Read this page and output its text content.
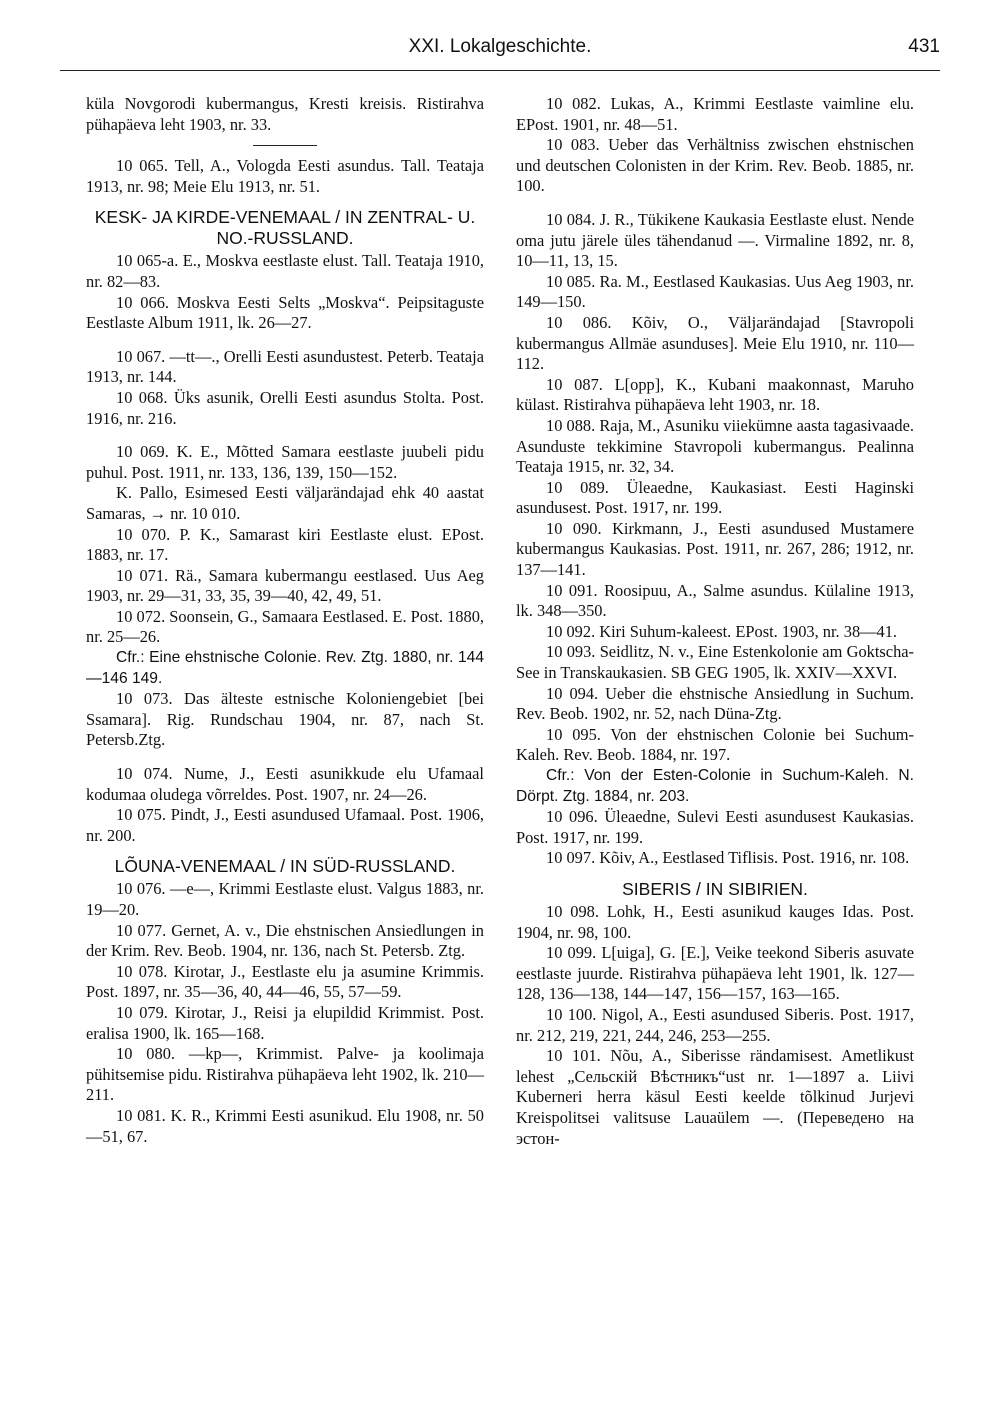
XXI. Lokalgeschichte.	431

küla Novgorodi kubermangus, Kresti kreisis. Ristirahva pühapäeva leht 1903, nr. 33.

10 065. Tell, A., Vologda Eesti asundus. Tall. Teataja 1913, nr. 98; Meie Elu 1913, nr. 51.

KESK- JA KIRDE-VENEMAAL / IN ZENTRAL- U. NO.-RUSSLAND.

10 065-a. E., Moskva eestlaste elust. Tall. Teataja 1910, nr. 82—83.

10 066. Moskva Eesti Selts „Moskva“. Peipsitaguste Eestlaste Album 1911, lk. 26—27.

10 067. —tt—., Orelli Eesti asundustest. Peterb. Teataja 1913, nr. 144.

10 068. Üks asunik, Orelli Eesti asundus Stolta. Post. 1916, nr. 216.

10 069. K. E., Mõtted Samara eestlaste juubeli pidu puhul. Post. 1911, nr. 133, 136, 139, 150—152.

K. Pallo, Esimesed Eesti väljarändajad ehk 40 aastat Samaras, → nr. 10 010.

10 070. P. K., Samarast kiri Eestlaste elust. EPost. 1883, nr. 17.

10 071. Rä., Samara kubermangu eestlased. Uus Aeg 1903, nr. 29—31, 33, 35, 39—40, 42, 49, 51.

10 072. Soonsein, G., Samaara Eestlased. E. Post. 1880, nr. 25—26.

Cfr.: Eine ehstnische Colonie. Rev. Ztg. 1880, nr. 144—146 149.

10 073. Das älteste estnische Koloniengebiet [bei Ssamara]. Rig. Rundschau 1904, nr. 87, nach St. Petersb.Ztg.

10 074. Nume, J., Eesti asunikkude elu Ufamaal kodumaa oludega võrreldes. Post. 1907, nr. 24—26.

10 075. Pindt, J., Eesti asundused Ufamaal. Post. 1906, nr. 200.

LÕUNA-VENEMAAL / IN SÜD-RUSSLAND.

10 076. —e—, Krimmi Eestlaste elust. Valgus 1883, nr. 19—20.

10 077. Gernet, A. v., Die ehstnischen Ansiedlungen in der Krim. Rev. Beob. 1904, nr. 136, nach St. Petersb. Ztg.

10 078. Kirotar, J., Eestlaste elu ja asumine Krimmis. Post. 1897, nr. 35—36, 40, 44—46, 55, 57—59.

10 079. Kirotar, J., Reisi ja elupildid Krimmist. Post. eralisa 1900, lk. 165—168.

10 080. —kp—, Krimmist. Palve- ja koolimaja pühitsemise pidu. Ristirahva pühapäeva leht 1902, lk. 210—211.

10 081. K. R., Krimmi Eesti asunikud. Elu 1908, nr. 50—51, 67.

10 082. Lukas, A., Krimmi Eestlaste vaimline elu. EPost. 1901, nr. 48—51.

10 083. Ueber das Verhältniss zwischen ehstnischen und deutschen Colonisten in der Krim. Rev. Beob. 1885, nr. 100.

10 084. J. R., Tükikene Kaukasia Eestlaste elust. Nende oma jutu järele üles tähendanud —. Virmaline 1892, nr. 8, 10—11, 13, 15.

10 085. Ra. M., Eestlased Kaukasias. Uus Aeg 1903, nr. 149—150.

10 086. Kõiv, O., Väljarändajad [Stavropoli kubermangus Allmäe asunduses]. Meie Elu 1910, nr. 110—112.

10 087. L[opp], K., Kubani maakonnast, Maruho külast. Ristirahva pühapäeva leht 1903, nr. 18.

10 088. Raja, M., Asuniku viiekümne aasta tagasivaade. Asunduste tekkimine Stavropoli kubermangus. Pealinna Teataja 1915, nr. 32, 34.

10 089. Üleaedne, Kaukasiast. Eesti Haginski asundusest. Post. 1917, nr. 199.

10 090. Kirkmann, J., Eesti asundused Mustamere kubermangus Kaukasias. Post. 1911, nr. 267, 286; 1912, nr. 137—141.

10 091. Roosipuu, A., Salme asundus. Külaline 1913, lk. 348—350.

10 092. Kiri Suhum-kaleest. EPost. 1903, nr. 38—41.

10 093. Seidlitz, N. v., Eine Estenkolonie am Goktscha-See in Transkaukasien. SB GEG 1905, lk. XXIV—XXVI.

10 094. Ueber die ehstnische Ansiedlung in Suchum. Rev. Beob. 1902, nr. 52, nach Düna-Ztg.

10 095. Von der ehstnischen Colonie bei Suchum-Kaleh. Rev. Beob. 1884, nr. 197.

Cfr.: Von der Esten-Colonie in Suchum-Kaleh. N. Dörpt. Ztg. 1884, nr. 203.

10 096. Üleaedne, Sulevi Eesti asundusest Kaukasias. Post. 1917, nr. 199.

10 097. Kõiv, A., Eestlased Tiflisis. Post. 1916, nr. 108.

SIBERIS / IN SIBIRIEN.

10 098. Lohk, H., Eesti asunikud kauges Idas. Post. 1904, nr. 98, 100.

10 099. L[uiga], G. [E.], Veike teekond Siberis asuvate eestlaste juurde. Ristirahva pühapäeva leht 1901, lk. 127—128, 136—138, 144—147, 156—157, 163—165.

10 100. Nigol, A., Eesti asundused Siberis. Post. 1917, nr. 212, 219, 221, 244, 246, 253—255.

10 101. Nõu, A., Siberisse rändamisest. Ametlikust lehest „Сельскій Вѣстникъ“ust nr. 1—1897 a. Liivi Kuberneri herra käsul Eesti keelde tõlkinud Jurjevi Kreispolitsei valitsuse Lauaülem —. (Переведено на эстон-
